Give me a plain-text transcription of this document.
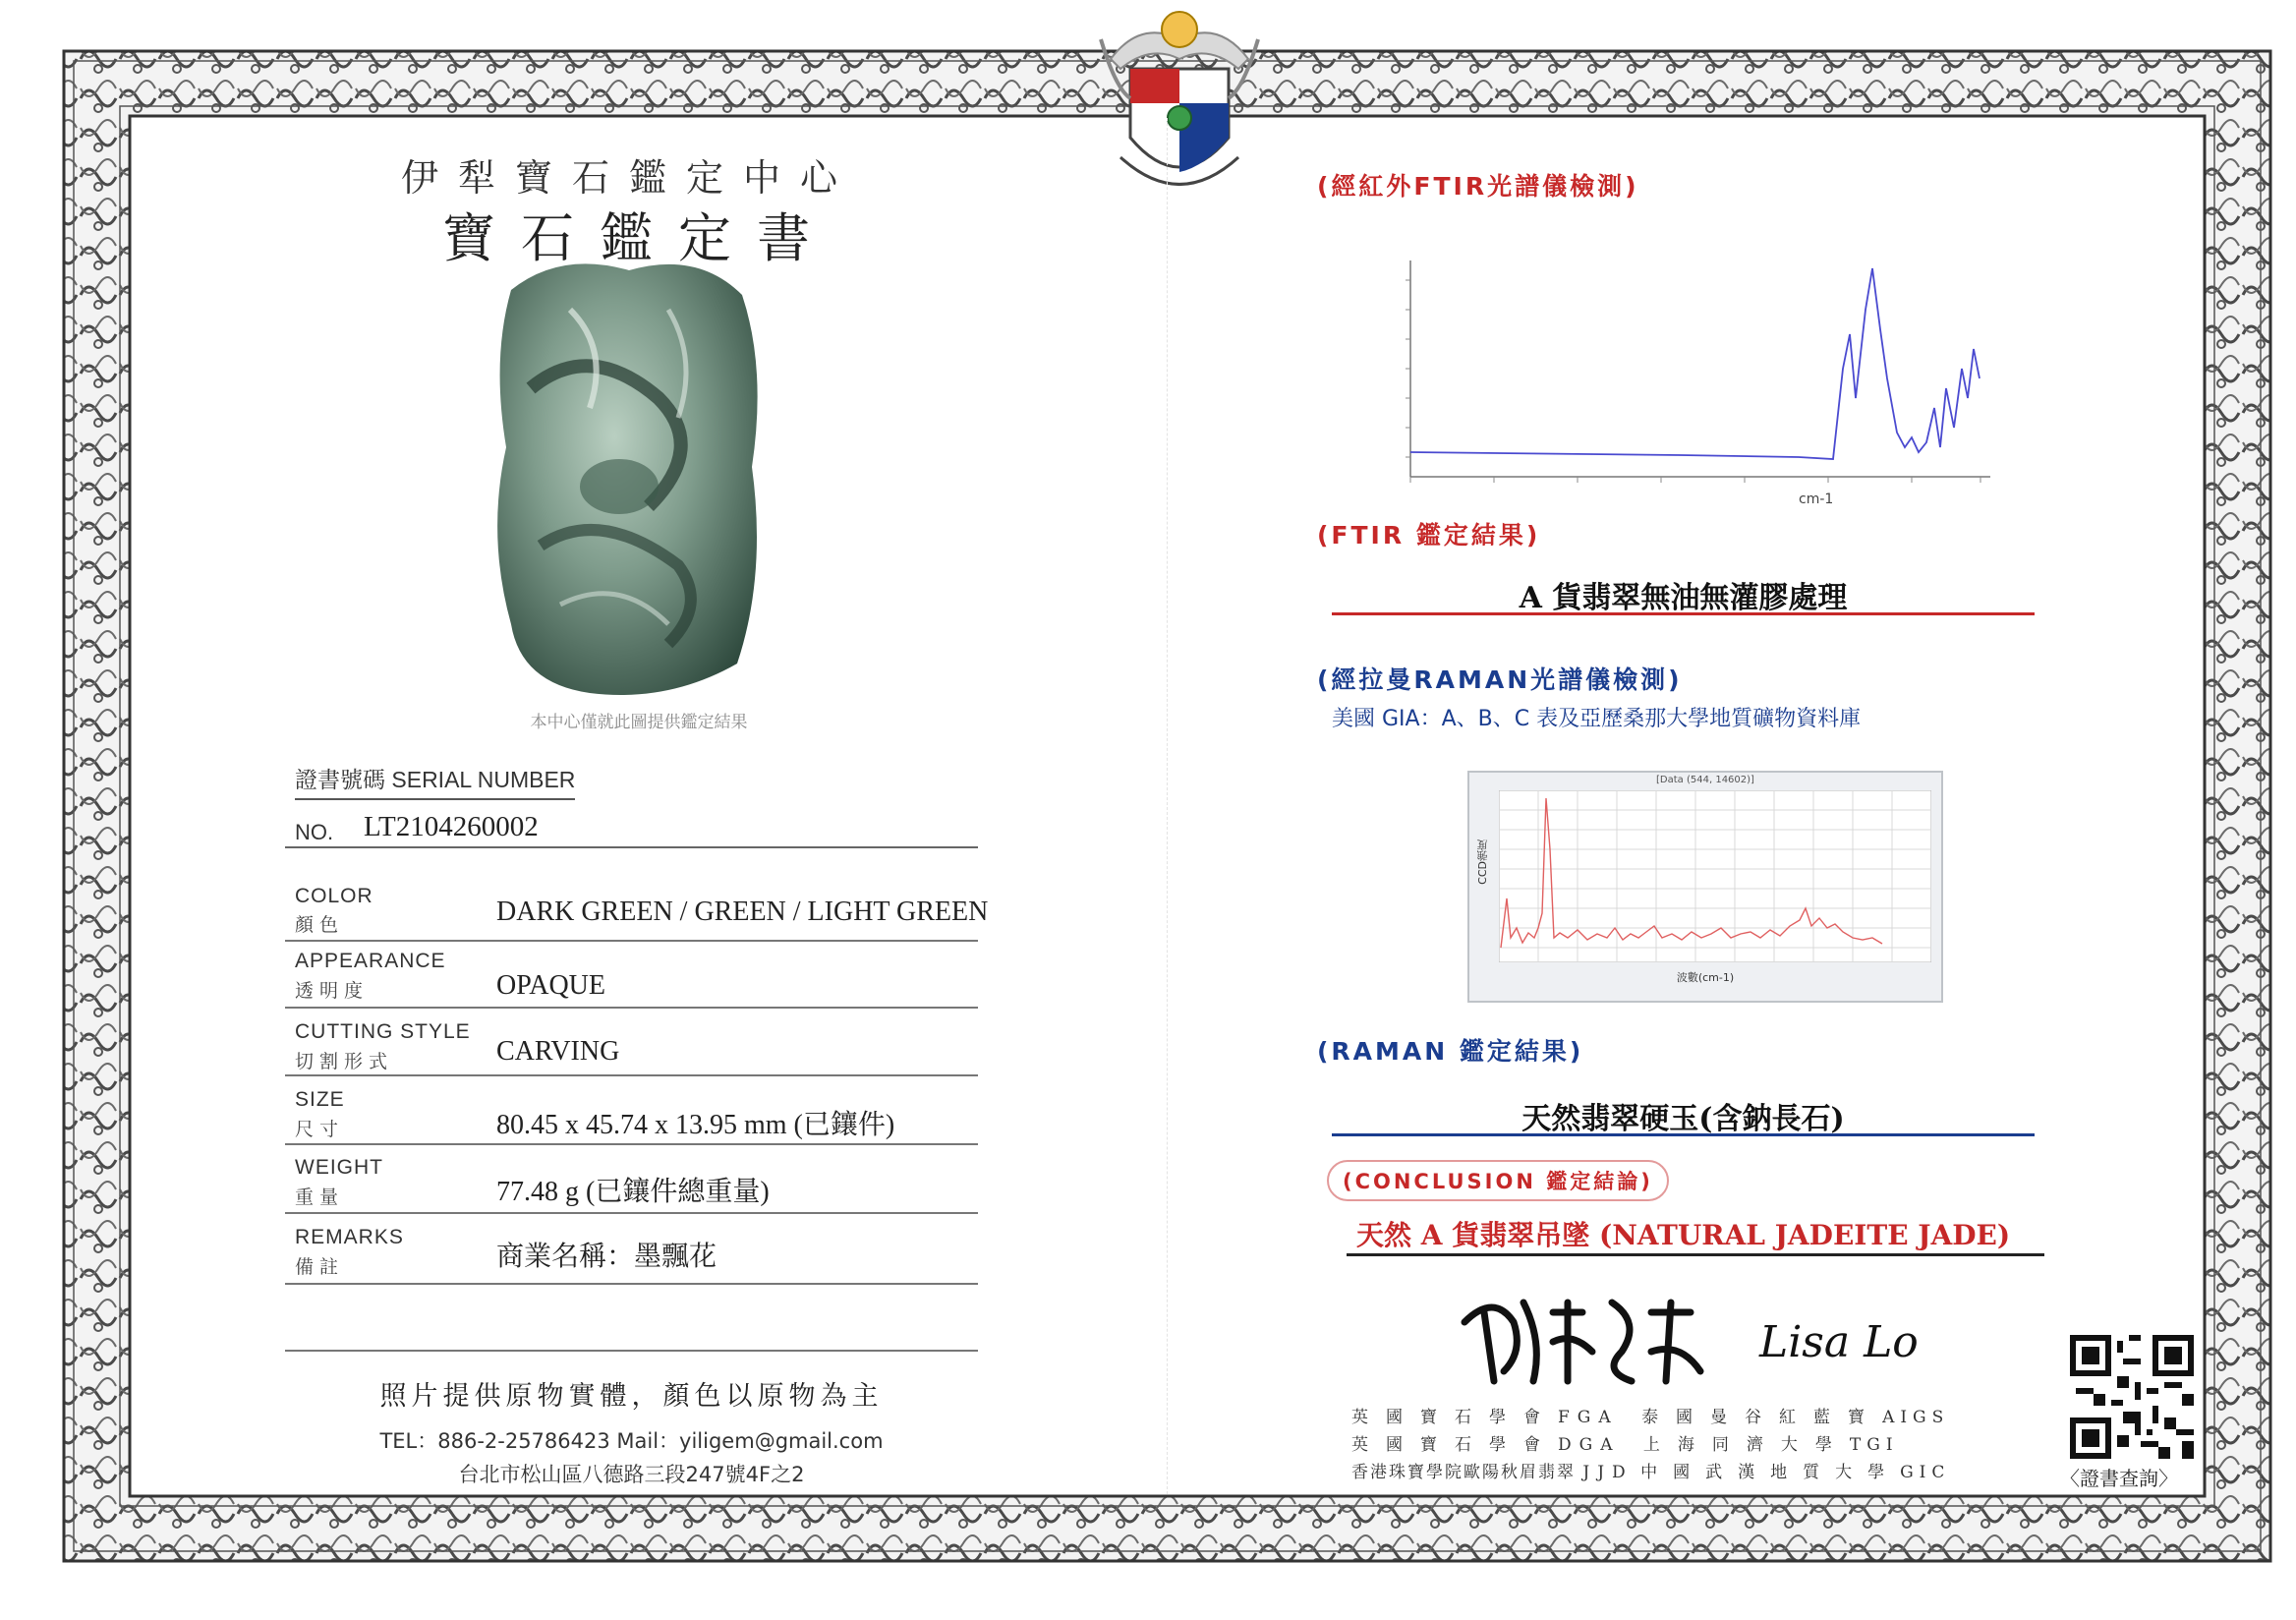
伊犁寶石鑑定中心
寶石鑑定書
本中心僅就此圖提供鑑定結果
證書號碼 SERIAL NUMBER
NO. LT2104260002
COLOR
顏色	DARK GREEN / GREEN / LIGHT GREEN
APPEARANCE
透明度	OPAQUE
CUTTING STYLE
切割形式	CARVING
SIZE
尺寸	80.45 x 45.74 x 13.95 mm (已鑲件)
WEIGHT
重量	77.48 g (已鑲件總重量)
REMARKS
備註	商業名稱：墨飄花
照片提供原物實體，顏色以原物為主
TEL：886-2-25786423 Mail：yiligem@gmail.com
台北市松山區八德路三段247號4F之2
(經紅外FTIR光譜儀檢測)
cm-1
(FTIR 鑑定結果)
A 貨翡翠無油無灌膠處理
(經拉曼RAMAN光譜儀檢測)
美國 GIA：A、B、C 表及亞歷桑那大學地質礦物資料庫
[Data (544, 14602)]
CCD強度
波數(cm-1)
(RAMAN 鑑定結果)
天然翡翠硬玉(含鈉長石)
(CONCLUSION 鑑定結論)
天然 A 貨翡翠吊墜 (NATURAL JADEITE JADE)
Lisa Lo
英國寶石學會FGA 泰國曼谷紅藍寶AIGS
英國寶石學會DGA 上海同濟大學TGI
香港珠寶學院歐陽秋眉翡翠 JJD 中國武漢地質大學GIC	〈證書查詢〉
